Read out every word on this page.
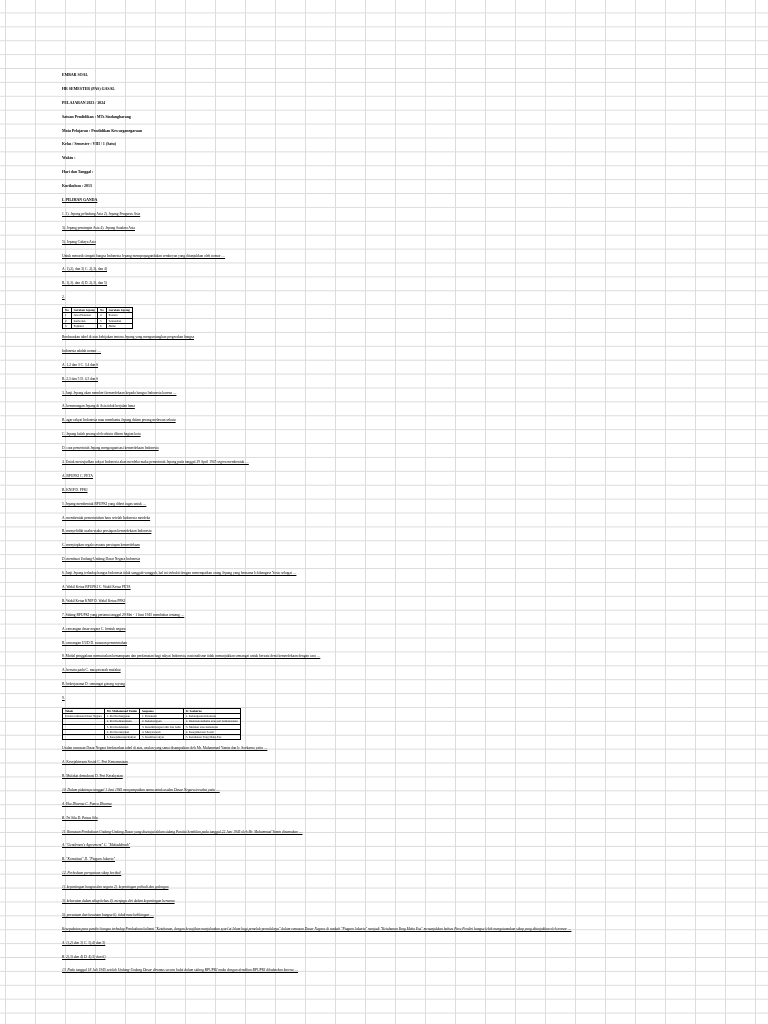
EMBAR SOAL
HR SEMESTER (PAS) GASAL
PELAJARAN 2023 / 2024
Satuan Pendidikan : MTs Sindangbarang
Mata Pelajaran : Pendidikan Kewarganegaraan
Kelas / Semester : VIII / 1 (Satu)
Waktu :
Hari dan Tanggal :
Kurikulum : 2013
I. PILIHAN GANDA
1. 1). Jepang pelindung Asia 2). Jepang Pengurus Asia
3). Jepang pemimpin Asia 4). Jepang Saudara Asia
5). Jepang Cahaya Asia
Untuk menarik simpati bangsa Indonesia Jepang mempropagandakan semboyan yang ditunjukkan oleh nomor ....
A. 1),2), dan 3) C. 2),3), dan 4)
B. 1),3), dan 4) D. 2),3), dan 5)
2.
No	Gerakan Jepang	No	Gerakan Jepang
1	Jawa Hokokai	4	Poetera
2	Keibodan	5	Seinendan
3	Fujinkai	6	Heiho
Berdasarkan tabel di atas kebijakan tentara Jepang yang menguntungkan pergerakan bangsa
Indonesia adalah nomor ....
A. 1,2 dan 3 C. 3,4 dan 6
B. 2,3 dan 5 D. 4,5 dan 6
3. Janji Jepang akan memberi kemerdekaan kepada bangsa Indonesia karena ....
A. kemenangan Jepang di Asia tidak berjalan lama
B. agar rakyat Indonesia mau membantu Jepang dalam perang melawan sekutu
C. Jepang kalah perang oleh sekutu dibom bagian kota
D. cara pemerintah Jepang mengorganisasi kemerdekaan Indonesia
4. Untuk mewujudkan rakyat Indonesia akan merdeka maka pemerintah Jepang pada tanggal 29 April 1945 segera membentuk ....
A. BPUPKI C. PETA
B. KNIP D. PPKI
5. Jepang membentuk BPUPKI yang diberi tugas untuk ....
A. membentuk pemerintahan baru setelah Indonesia merdeka
B. menyelidiki usaha-usaha persiapan kemerdekaan Indonesia
C. menyiapkan segala sesuatu persiapan kemerdekaan
D. membuat Undang-Undang Dasar Negara Indonesia
6. Janji Jepang terhadap bangsa Indonesia tidak sungguh-sungguh, hal ini terbukti dengan menempatkan orang Jepang yang bernama Ichibangase Yosio sebagai ....
A. Wakil Ketua BPUPKI C. Wakil Ketua PETA
B. Wakil Ketua KNIP D. Wakil Ketua PPKI
7. Sidang BPUPKI yang pertama tanggal 29 Mei - 1 Juni 1945 membahas tentang ....
A. rancangan dasar negara C. bentuk negara
B. rancangan UUD D. susunan pemerintahan
8. Modal penggalaan memutuskan kemampuan dan perdamaian bagi rakyat Indonesia, nasionalisme tidak menunjukkan semangat untuk bersatu demi kemerdekaan dengan cara ....
A. bersatu padu C. musyawarah mufakat
B. bekerjasama D. semangat gotong royong
9.
Tokoh	Mr. Muhammad Yamin	Soepomo	Ir. Soekarno
Usulan rumusan Dasar Negara	1. Peri Kebangsaan	1. Persatuan	1. Kebangsaan Indonesia
	2. Peri Kemanusiaan	2. Kekeluargaan	2. Internasionalisme atau peri kemanusiaan
	3. Peri Ketuhanan	3. Keseimbangan lahir dan batin	3. Mufakat atau demokrasi
	4. Peri Kerakyatan	4. Musyawarah	4. Kesejahteraan Sosial
	5. Kesejahteraan Rakyat	5. Keadilan rakyat	5. Ketuhanan Yang Maha Esa
Usulan rumusan Dasar Negara berdasarkan tabel di atas, usulan yang sama disampaikan oleh Mr. Muhammad Yamin dan Ir. Soekarno yaitu ....
A. Kesejahteraan Sosial C. Peri Kemanusiaan
B. Mufakat demokrasi D. Peri Kerakyatan
10. Dalam pidatonya tanggal 1 Juni 1945 menyampaikan nama untuk usulan Dasar Negara tersebut yaitu ....
A. Eka Dharma C. Panca Dharma
B. Tri Sila D. Panca Sila
11. Rumusan Pembukaan Undang-Undang Dasar yang disetujui dalam sidang Panitia Sembilan pada tanggal 22 Juni 1945 oleh Mr. Muhammad Yamin dinamakan ....
A. "Gentlemen's Agreement" C. "Mukaddimah"
B. "Konstitusi" D. "Piagam Jakarta"
12. Perbedaan pernyataan sikap berikut!
1). kepentingan bangsa dan negara 2). kepentingan pribadi dan golongan
3). keberatan dalam sikap bebas 4). menjaga diri dalam kepentingan bersama
5). persatuan dan kesatuan bangsa 6). tidak mau kehilangan ....
Kesepakatan para pendiri bangsa terhadap Pembukaan kalimat "Ketuhanan, dengan kewajiban menjalankan syari'at Islam bagi pemeluk-pemeluknya" dalam rumusan Dasar Negara di naskah "Piagam Jakarta" menjadi "Ketuhanan Yang Maha Esa" menunjukkan bahwa Para Pendiri bangsa lebih mengutamakan sikap yang ditunjukkan oleh nomor ....
A. 1),2) dan 3) C. 3),4) dan 5)
B. 2),3) dan 4) D. 4),5) dan 6)
13. Pada tanggal 18 Juli 1945 setelah Undang-Undang Dasar dirumus secara bulat dalam sidang BPUPKI maka dengan demikian BPUPKI dibubarkan karena ....
